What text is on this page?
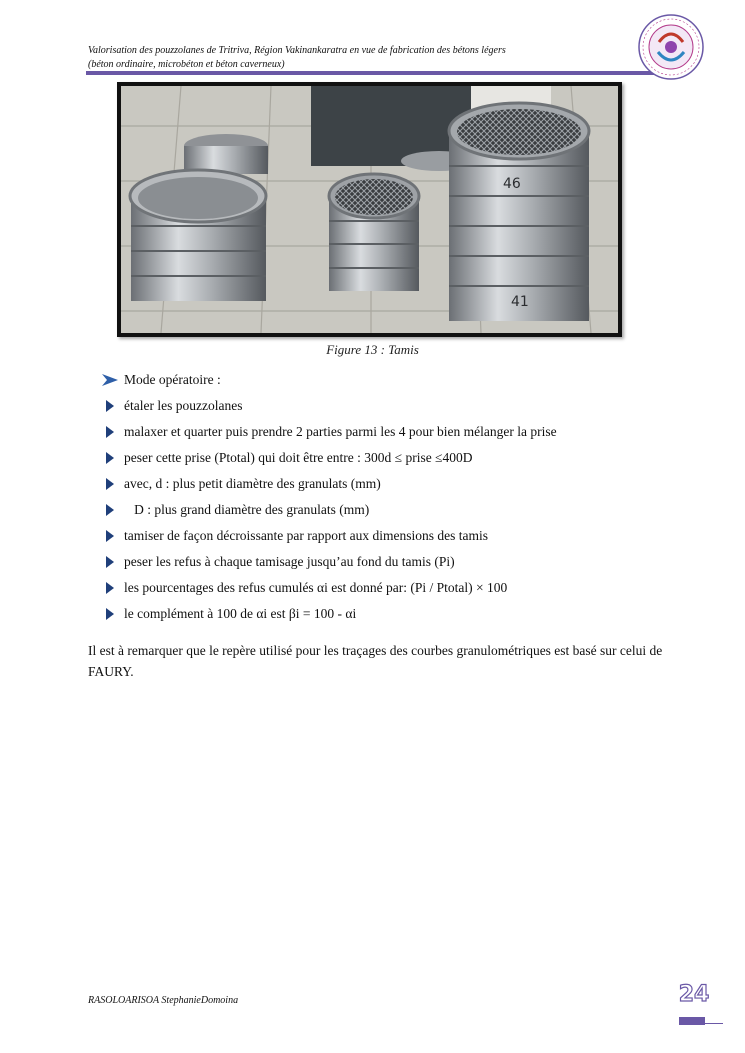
Valorisation des pouzzolanes de Tritriva, Région Vakinankaratra en vue de fabrication des bétons légers
(béton ordinaire, microbéton et béton caverneux)
46
41
Figure 13 : Tamis
Mode opératoire :
étaler les pouzzolanes
malaxer et quarter puis prendre 2 parties parmi les 4 pour bien mélanger la prise
peser cette prise (Ptotal) qui doit être entre : 300d ≤ prise ≤400D
avec, d : plus petit diamètre des granulats (mm)
D : plus grand diamètre des granulats (mm)
tamiser de façon décroissante par rapport aux dimensions des tamis
peser les refus à chaque tamisage jusqu’au fond du tamis (Pi)
les pourcentages des refus cumulés αi est donné par: (Pi / Ptotal) × 100
le complément à 100 de αi est βi = 100 - αi
Il est à remarquer que le repère utilisé pour les traçages des courbes granulométriques est basé sur celui de FAURY.
RASOLOARISOA StephanieDomoina	24
